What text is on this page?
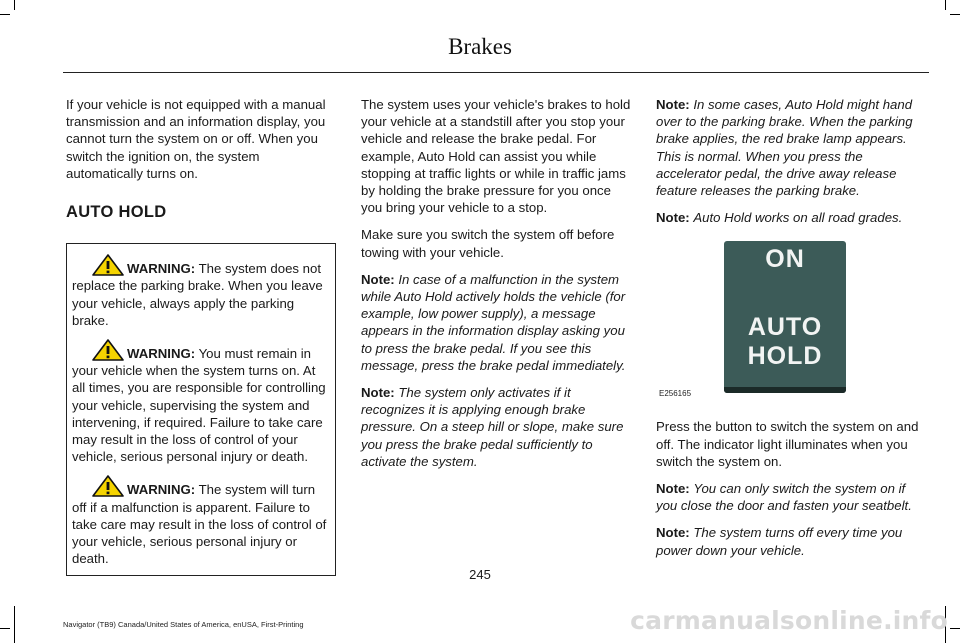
Brakes

If your vehicle is not equipped with a manual transmission and an information display, you cannot turn the system on or off. When you switch the ignition on, the system automatically turns on.

AUTO HOLD

WARNING: The system does not replace the parking brake. When you leave your vehicle, always apply the parking brake.

WARNING: You must remain in your vehicle when the system turns on. At all times, you are responsible for controlling your vehicle, supervising the system and intervening, if required. Failure to take care may result in the loss of control of your vehicle, serious personal injury or death.

WARNING: The system will turn off if a malfunction is apparent. Failure to take care may result in the loss of control of your vehicle, serious personal injury or death.

The system uses your vehicle's brakes to hold your vehicle at a standstill after you stop your vehicle and release the brake pedal. For example, Auto Hold can assist you while stopping at traffic lights or while in traffic jams by holding the brake pressure for you once you bring your vehicle to a stop.

Make sure you switch the system off before towing with your vehicle.

Note: In case of a malfunction in the system while Auto Hold actively holds the vehicle (for example, low power supply), a message appears in the information display asking you to press the brake pedal. If you see this message, press the brake pedal immediately.

Note: The system only activates if it recognizes it is applying enough brake pressure. On a steep hill or slope, make sure you press the brake pedal sufficiently to activate the system.

Note: In some cases, Auto Hold might hand over to the parking brake. When the parking brake applies, the red brake lamp appears. This is normal. When you press the accelerator pedal, the drive away release feature releases the parking brake.

Note: Auto Hold works on all road grades.

ON
AUTO
HOLD
E256165

Press the button to switch the system on and off. The indicator light illuminates when you switch the system on.

Note: You can only switch the system on if you close the door and fasten your seatbelt.

Note: The system turns off every time you power down your vehicle.

245
Navigator (TB9) Canada/United States of America, enUSA, First-Printing	carmanualsonline.info
